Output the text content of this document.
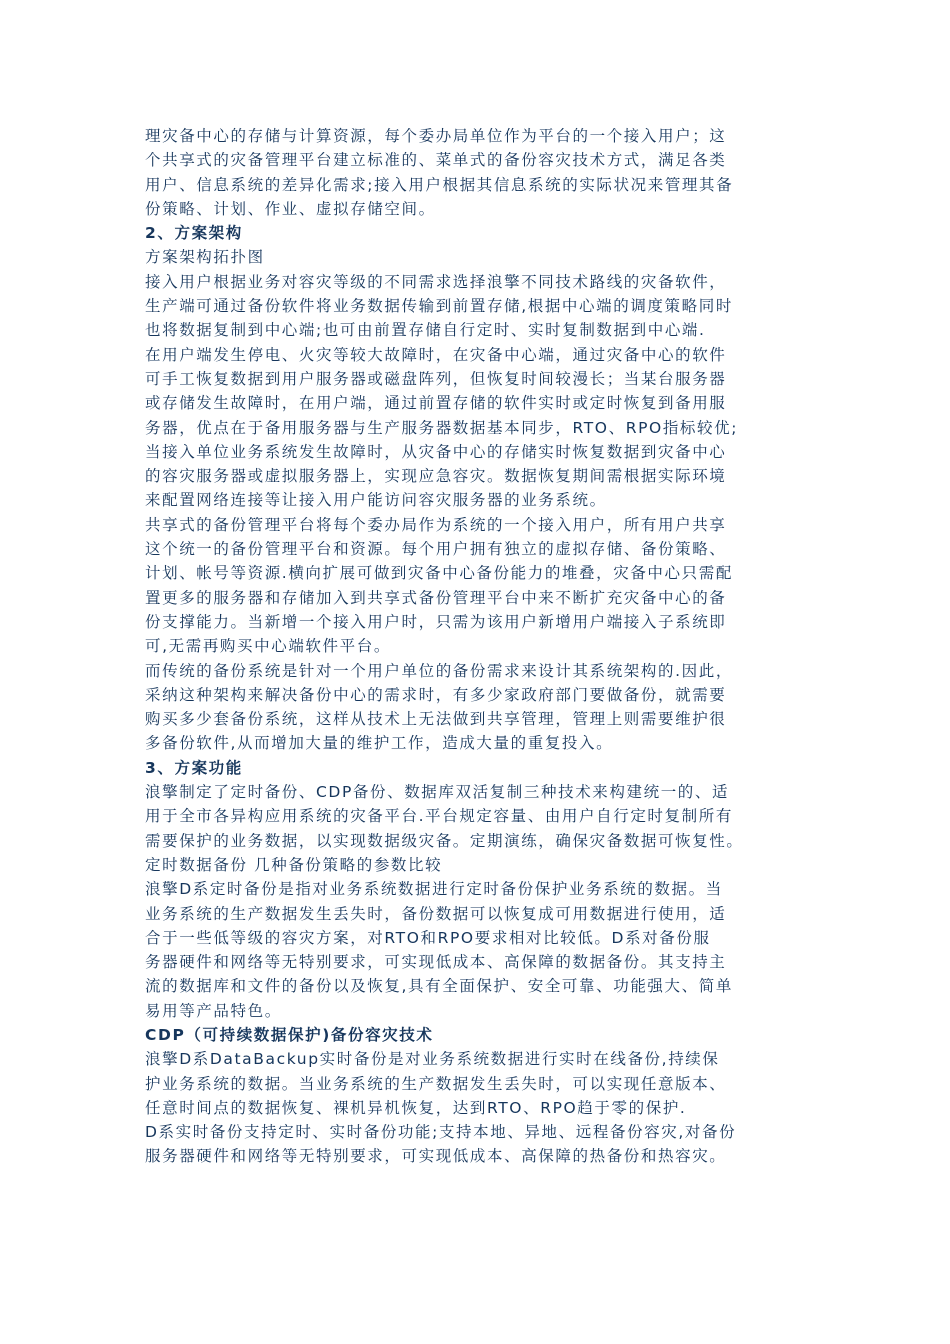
理灾备中心的存储与计算资源，每个委办局单位作为平台的一个接入用户；这
个共享式的灾备管理平台建立标准的、菜单式的备份容灾技术方式，满足各类
用户、信息系统的差异化需求;接入用户根据其信息系统的实际状况来管理其备
份策略、计划、作业、虚拟存储空间。
2、方案架构
方案架构拓扑图
接入用户根据业务对容灾等级的不同需求选择浪擎不同技术路线的灾备软件，
生产端可通过备份软件将业务数据传输到前置存储,根据中心端的调度策略同时
也将数据复制到中心端;也可由前置存储自行定时、实时复制数据到中心端.
在用户端发生停电、火灾等较大故障时，在灾备中心端，通过灾备中心的软件
可手工恢复数据到用户服务器或磁盘阵列，但恢复时间较漫长；当某台服务器
或存储发生故障时，在用户端，通过前置存储的软件实时或定时恢复到备用服
务器，优点在于备用服务器与生产服务器数据基本同步，RTO、RPO指标较优;
当接入单位业务系统发生故障时，从灾备中心的存储实时恢复数据到灾备中心
的容灾服务器或虚拟服务器上，实现应急容灾。数据恢复期间需根据实际环境
来配置网络连接等让接入用户能访问容灾服务器的业务系统。
共享式的备份管理平台将每个委办局作为系统的一个接入用户，所有用户共享
这个统一的备份管理平台和资源。每个用户拥有独立的虚拟存储、备份策略、
计划、帐号等资源.横向扩展可做到灾备中心备份能力的堆叠，灾备中心只需配
置更多的服务器和存储加入到共享式备份管理平台中来不断扩充灾备中心的备
份支撑能力。当新增一个接入用户时，只需为该用户新增用户端接入子系统即
可,无需再购买中心端软件平台。
而传统的备份系统是针对一个用户单位的备份需求来设计其系统架构的.因此，
采纳这种架构来解决备份中心的需求时，有多少家政府部门要做备份，就需要
购买多少套备份系统，这样从技术上无法做到共享管理，管理上则需要维护很
多备份软件,从而增加大量的维护工作，造成大量的重复投入。
3、方案功能
浪擎制定了定时备份、CDP备份、数据库双活复制三种技术来构建统一的、适
用于全市各异构应用系统的灾备平台.平台规定容量、由用户自行定时复制所有
需要保护的业务数据，以实现数据级灾备。定期演练，确保灾备数据可恢复性。
定时数据备份 几种备份策略的参数比较
浪擎D系定时备份是指对业务系统数据进行定时备份保护业务系统的数据。当
业务系统的生产数据发生丢失时，备份数据可以恢复成可用数据进行使用，适
合于一些低等级的容灾方案，对RTO和RPO要求相对比较低。D系对备份服
务器硬件和网络等无特别要求，可实现低成本、高保障的数据备份。其支持主
流的数据库和文件的备份以及恢复,具有全面保护、安全可靠、功能强大、简单
易用等产品特色。
CDP（可持续数据保护)备份容灾技术
浪擎D系DataBackup实时备份是对业务系统数据进行实时在线备份,持续保
护业务系统的数据。当业务系统的生产数据发生丢失时，可以实现任意版本、
任意时间点的数据恢复、裸机异机恢复，达到RTO、RPO趋于零的保护.
D系实时备份支持定时、实时备份功能;支持本地、异地、远程备份容灾,对备份
服务器硬件和网络等无特别要求，可实现低成本、高保障的热备份和热容灾。
